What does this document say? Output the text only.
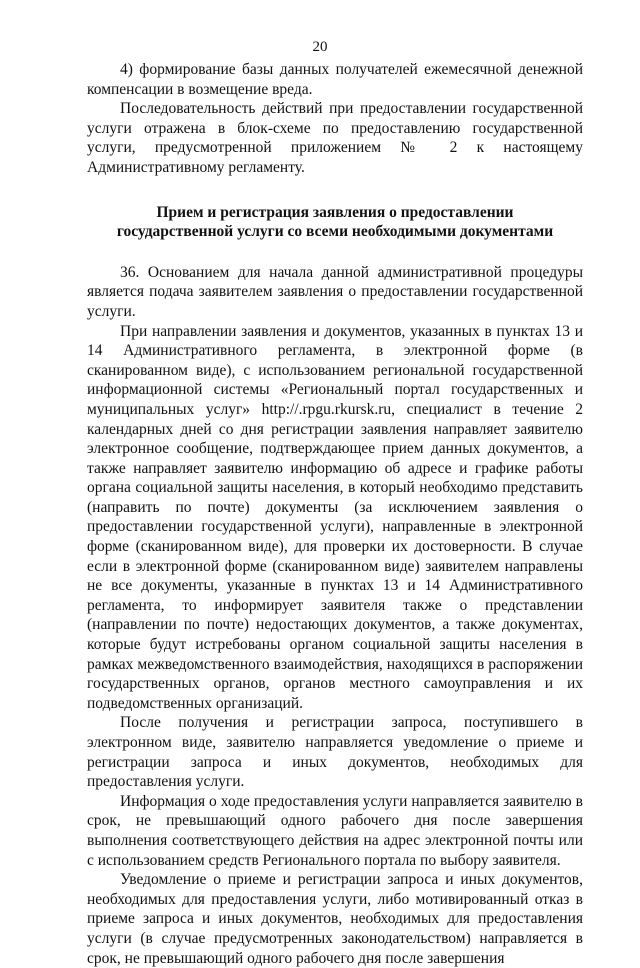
20

4) формирование базы данных получателей ежемесячной денежной компенсации в возмещение вреда.

Последовательность действий при предоставлении государственной услуги отражена в блок-схеме по предоставлению государственной услуги, предусмотренной приложением № 2 к настоящему Административному регламенту.

Прием и регистрация заявления о предоставлении
государственной услуги со всеми необходимыми документами

36. Основанием для начала данной административной процедуры является подача заявителем заявления о предоставлении государственной услуги.

При направлении заявления и документов, указанных в пунктах 13 и 14 Административного регламента, в электронной форме (в сканированном виде), с использованием региональной государственной информационной системы «Региональный портал государственных и муниципальных услуг» http://.rpgu.rkursk.ru, специалист в течение 2 календарных дней со дня регистрации заявления направляет заявителю электронное сообщение, подтверждающее прием данных документов, а также направляет заявителю информацию об адресе и графике работы органа социальной защиты населения, в который необходимо представить (направить по почте) документы (за исключением заявления о предоставлении государственной услуги), направленные в электронной форме (сканированном виде), для проверки их достоверности. В случае если в электронной форме (сканированном виде) заявителем направлены не все документы, указанные в пунктах 13 и 14 Административного регламента, то информирует заявителя также о представлении (направлении по почте) недостающих документов, а также документах, которые будут истребованы органом социальной защиты населения в рамках межведомственного взаимодействия, находящихся в распоряжении государственных органов, органов местного самоуправления и их подведомственных организаций.

После получения и регистрации запроса, поступившего в электронном виде, заявителю направляется уведомление о приеме и регистрации запроса и иных документов, необходимых для предоставления услуги.

Информация о ходе предоставления услуги направляется заявителю в срок, не превышающий одного рабочего дня после завершения выполнения соответствующего действия на адрес электронной почты или с использованием средств Регионального портала по выбору заявителя.

Уведомление о приеме и регистрации запроса и иных документов, необходимых для предоставления услуги, либо мотивированный отказ в приеме запроса и иных документов, необходимых для предоставления услуги (в случае предусмотренных законодательством) направляется в срок, не превышающий одного рабочего дня после завершения
